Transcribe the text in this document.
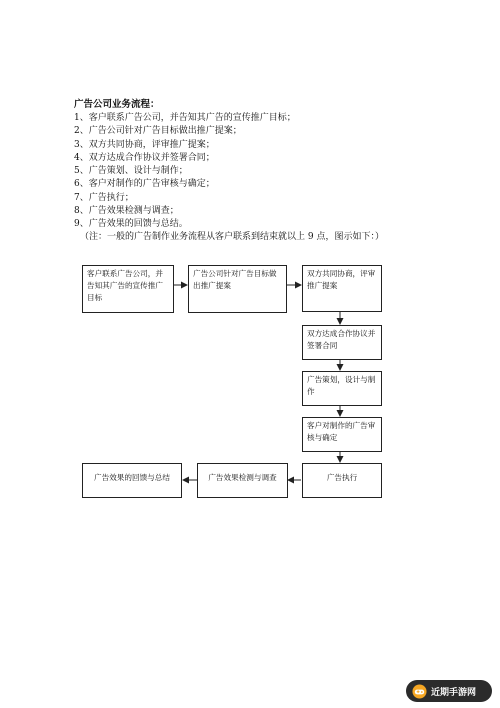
广告公司业务流程：
1、客户联系广告公司，并告知其广告的宣传推广目标；
2、广告公司针对广告目标做出推广提案；
3、双方共同协商，评审推广提案；
4、双方达成合作协议并签署合同；
5、广告策划、设计与制作；
6、客户对制作的广告审核与确定；
7、广告执行；
8、广告效果检测与调查；
9、广告效果的回馈与总结。
（注：一般的广告制作业务流程从客户联系到结束就以上 9 点，图示如下：）
客户联系广告公司，并告知其广告的宣传推广目标
广告公司针对广告目标做出推广提案
双方共同协商，评审推广提案
双方达成合作协议并签署合同
广告策划，设计与制作
客户对制作的广告审核与确定
广告执行
广告效果检测与调查
广告效果的回馈与总结
近期手游网
